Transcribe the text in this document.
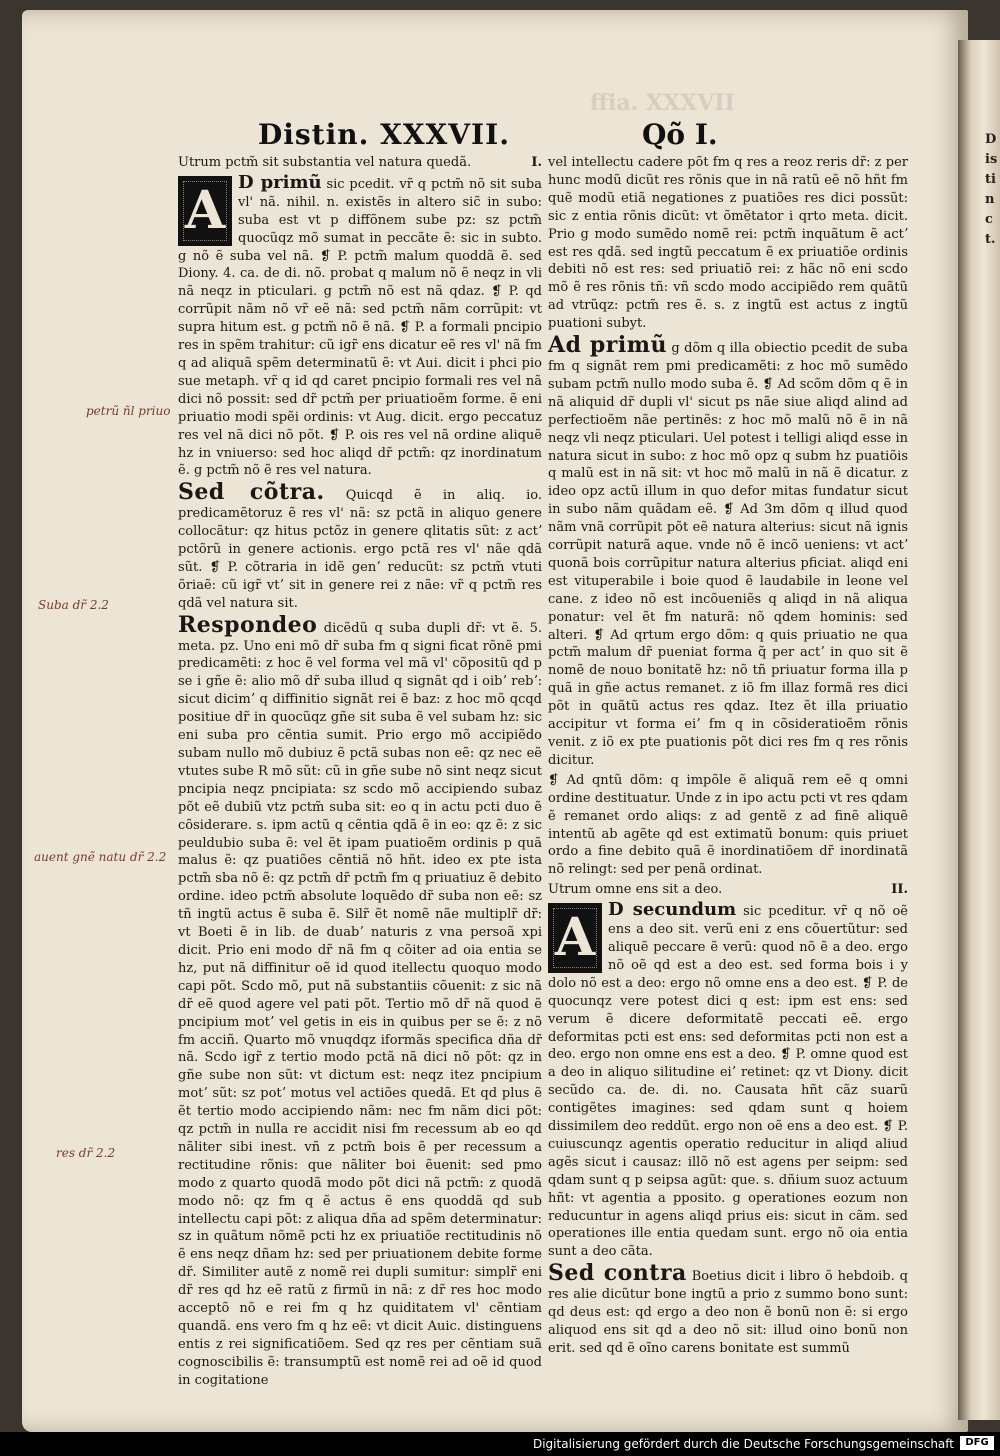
Distinct.
ffia. XXXVII
Distin. XXXVII.	Qõ I.
petrũ ñl priuo
Suba dr̃ 2.2
auent gnẽ natu dr̃ 2.2
res dr̃ 2.2
I.
Utrum pctm̃ sit substantia vel natura quedã.
A D primũ sic pcedit. vr̃ q pctm̃ nõ sit suba vl' nã. nihil. n. existẽs in altero sic̃ in subo: suba est vt p diffõnem sube pz: sz pctm̃ quocũqz mõ sumat in peccãte ẽ: sic in subto. g nõ ẽ suba vel nã. ❡ P. pctm̃ malum quoddã ẽ. sed Diony. 4. ca. de di. nõ. probat q malum nõ ẽ neqz in vli nã neqz in pticulari. g pctm̃ nõ est nã qdaz. ❡ P. qd corrũpit nãm nõ vr̃ eẽ nã: sed pctm̃ nãm corrũpit: vt supra hitum est. g pctm̃ nõ ẽ nã. ❡ P. a formali pncipio res in spẽm trahitur: cũ igr̃ ens dicatur eẽ res vl' nã fm q ad aliquã spẽm determinatũ ẽ: vt Aui. dicit i phci pio sue metaph. vr̃ q id qd caret pncipio formali res vel nã dici nõ possit: sed dr̃ pctm̃ per priuatioẽm forme. ẽ eni priuatio modi spẽi ordinis: vt Aug. dicit. ergo peccatuz res vel nã dici nõ põt. ❡ P. ois res vel nã ordine aliquẽ hz in vniuerso: sed hoc aliqd dr̃ pctm̃: qz inordinatum ẽ. g pctm̃ nõ ẽ res vel natura.

Sed cõtra. Quicqd ẽ in aliq. io. predicamẽtoruz ẽ res vl' nã: sz pctã in aliquo genere collocãtur: qz hitus pctõz in genere qlitatis sũt: z actʼ pctõrũ in genere actionis. ergo pctã res vl' nãe qdã sũt. ❡ P. cõtraria in idẽ genʼ reducũt: sz pctm̃ vtuti õriaẽ: cũ igr̃ vtʼ sit in genere rei z nãe: vr̃ q pctm̃ res qdã vel natura sit.

Respondeo dicẽdũ q suba dupli dr̃: vt ẽ. 5. meta. pz. Uno eni mõ dr̃ suba fm q signi ficat rõnẽ pmi predicamẽti: z hoc ẽ vel forma vel mã vl' cõpositũ qd p se i gñe ẽ: alio mõ dr̃ suba illud q signãt qd i oibʼ rebʼ: sicut dicimʼ q diffinitio signãt rei ẽ baz: z hoc mõ qcqd positiue dr̃ in quocũqz gñe sit suba ẽ vel subam hz: sic eni suba pro cẽntia sumit. Prio ergo mõ accipiẽdo subam nullo mõ dubiuz ẽ pctã subas non eẽ: qz nec eẽ vtutes sube R mõ sũt: cũ in gñe sube nõ sint neqz sicut pncipia neqz pncipiata: sz scdo mõ accipiendo subaz põt eẽ dubiũ vtz pctm̃ suba sit: eo q in actu pcti duo ẽ cõsiderare. s. ipm actũ q cẽntia qdã ẽ in eo: qz ẽ: z sic peuldubio suba ẽ: vel ẽt ipam puatioẽm ordinis p quã malus ẽ: qz puatiões cẽntiã nõ hñt. ideo ex pte ista pctm̃ sba nõ ẽ: qz pctm̃ dr̃ pctm̃ fm q priuatiuz ẽ debito ordine. ideo pctm̃ absolute loquẽdo dr̃ suba non eẽ: sz tñ ingtũ actus ẽ suba ẽ. Silr̃ ẽt nomẽ nãe multiplr̃ dr̃: vt Boeti̇ ẽ in lib. de duabʼ naturis z vna persoã xpi dicit. Prio eni modo dr̃ nã fm q cõiter ad oia entia se hz, put nã diffinitur oẽ id quod itellectu quoquo modo capi põt. Scdo mõ, put nã substantiis cõuenit: z sic nã dr̃ eẽ quod agere vel pati põt. Tertio mõ dr̃ nã quod ẽ pncipium motʼ vel getis in eis in quibus per se ẽ: z nõ fm acciñ. Quarto mõ vnuqdqz iformãs specifica dña dr̃ nã. Scdo igr̃ z tertio modo pctã nã dici nõ põt: qz in gñe sube non sũt: vt dictum est: neqz itez pncipium motʼ sũt: sz potʼ motus vel actiões quedã. Et qd plus ẽ ẽt tertio modo accipiendo nãm: nec fm nãm dici põt: qz pctm̃ in nulla re accidit nisi fm recessum ab eo qd nãliter sibi inest. vñ z pctm̃ bois ẽ per recessum a rectitudine rõnis: que nãliter boi ẽuenit: sed pmo modo z quarto quodã modo põt dici nã pctm̃: z quodã modo nõ: qz fm q ẽ actus ẽ ens quoddã qd sub intellectu capi põt: z aliqua dña ad spẽm determinatur: sz in quãtum nõmẽ pcti hz ex priuatiõe rectitudinis nõ ẽ ens neqz dñam hz: sed per priuationem debite forme dr̃. Similiter autẽ z nomẽ rei dupli sumitur: simplr̃ eni dr̃ res qd hz eẽ ratũ z firmũ in nã: z dr̃ res hoc modo acceptõ nõ e rei fm q hz quiditatem vl' cẽntiam quandã. ens vero fm q hz eẽ: vt dicit Auic. distinguens entis z rei significatiõem. Sed qz res per cẽntiam suã cognoscibilis ẽ: transumptũ est nomẽ rei ad oẽ id quod in cogitatione

vel intellectu cadere põt fm q res a reoz reris dr̃: z per hunc modũ dicũt res rõnis que in nã ratũ eẽ nõ hñt fm quẽ modũ etiã negationes z puatiões res dici possũt: sic z entia rõnis dicũt: vt õmẽtator i qrto meta. dicit. Prio g modo sumẽdo nomẽ rei: pctm̃ inquãtum ẽ actʼ est res qdã. sed ingtũ peccatum ẽ ex priuatiõe ordinis debiti nõ est res: sed priuatiõ rei: z hãc nõ eni scdo mõ ẽ res rõnis tñ: vñ scdo modo accipiẽdo rem quãtũ ad vtrũqz: pctm̃ res ẽ. s. z ingtũ est actus z ingtũ puationi subyt.

Ad primũ g dõm q illa obiectio pcedit de suba fm q signãt rem pmi predicamẽti: z hoc mõ sumẽdo subam pctm̃ nullo modo suba ẽ. ❡ Ad scõm dõm q ẽ in nã aliquid dr̃ dupli vl' sicut ps nãe siue aliqd alind ad perfectioẽm nãe pertinẽs: z hoc mõ malũ nõ ẽ in nã neqz vli neqz pticulari. Uel potest i telligi aliqd esse in natura sicut in subo: z hoc mõ opz q subm hz puatiõis q malũ est in nã sit: vt hoc mõ malũ in nã ẽ dicatur. z ideo opz actũ illum in quo defor mitas fundatur sicut in subo nãm quãdam eẽ. ❡ Ad 3m dõm q illud quod nãm vnã corrũpit põt eẽ natura alterius: sicut nã ignis corrũpit naturã aque. vnde nõ ẽ incõ ueniens: vt actʼ quonã bois corrũpitur natura alterius pficiat. aliqd eni est vituperabile i boie quod ẽ laudabile in leone vel cane. z ideo nõ est incõueniẽs q aliqd in nã aliqua ponatur: vel ẽt fm naturã: nõ qdem hominis: sed alteri. ❡ Ad qrtum ergo dõm: q quis priuatio ne qua pctm̃ malum dr̃ pueniat forma q̃ per actʼ in quo sit ẽ nomẽ de nouo bonitatẽ hz: nõ tñ priuatur forma illa p quã in gñe actus remanet. z iõ fm illaz formã res dici põt in quãtũ actus res qdaz. Itez ẽt illa priuatio accipitur vt forma eiʼ fm q in cõsideratioẽm rõnis venit. z iõ ex pte puationis põt dici res fm q res rõnis dicitur.

❡ Ad qntũ dõm: q impõle ẽ aliquã rem eẽ q omni ordine destituatur. Unde z in ipo actu pcti vt res qdam ẽ remanet ordo aliqs: z ad gentẽ z ad finẽ aliquẽ intentũ ab agẽte qd est extimatũ bonum: quis priuet ordo a fine debito quã ẽ inordinatiõem dr̃ inordinatã nõ relingt: sed per penã ordinat.

II.
Utrum omne ens sit a deo.
A D secundum sic pceditur. vr̃ q nõ oẽ ens a deo sit. verũ eni z ens cõuertũtur: sed aliquẽ peccare ẽ verũ: quod nõ ẽ a deo. ergo nõ oẽ qd est a deo est. sed forma bois i y dolo nõ est a deo: ergo nõ omne ens a deo est. ❡ P. de quocunqz vere potest dici q est: ipm est ens: sed verum ẽ dicere deformitatẽ peccati eẽ. ergo deformitas pcti est ens: sed deformitas pcti non est a deo. ergo non omne ens est a deo. ❡ P. omne quod est a deo in aliquo silitudine eiʼ retinet: qz vt Diony. dicit secũdo ca. de. di. no. Causata hñt cãz suarũ contigẽtes imagines: sed qdam sunt q hoiem dissimilem deo reddũt. ergo non oẽ ens a deo est. ❡ P. cuiuscunqz agentis operatio reducitur in aliqd aliud agẽs sicut i causaz: illõ nõ est agens per seipm: sed qdam sunt q p seipsa agũt: que. s. dñium suoz actuum hñt: vt agentia a pposito. g operationes eozum non reducuntur in agens aliqd prius eis: sicut in cãm. sed operationes ille entia quedam sunt. ergo nõ oia entia sunt a deo cãta.

Sed contra Boetius dicit i libro õ hebdoib. q res alie dicũtur bone ingtũ a prio z summo bono sunt: qd deus est: qd ergo a deo non ẽ bonũ non ẽ: si ergo aliquod ens sit qd a deo nõ sit: illud oino bonũ non erit. sed qd ẽ oĩno carens bonitate est summũ

Digitalisierung gefördert durch die Deutsche Forschungsgemeinschaft	DFG
